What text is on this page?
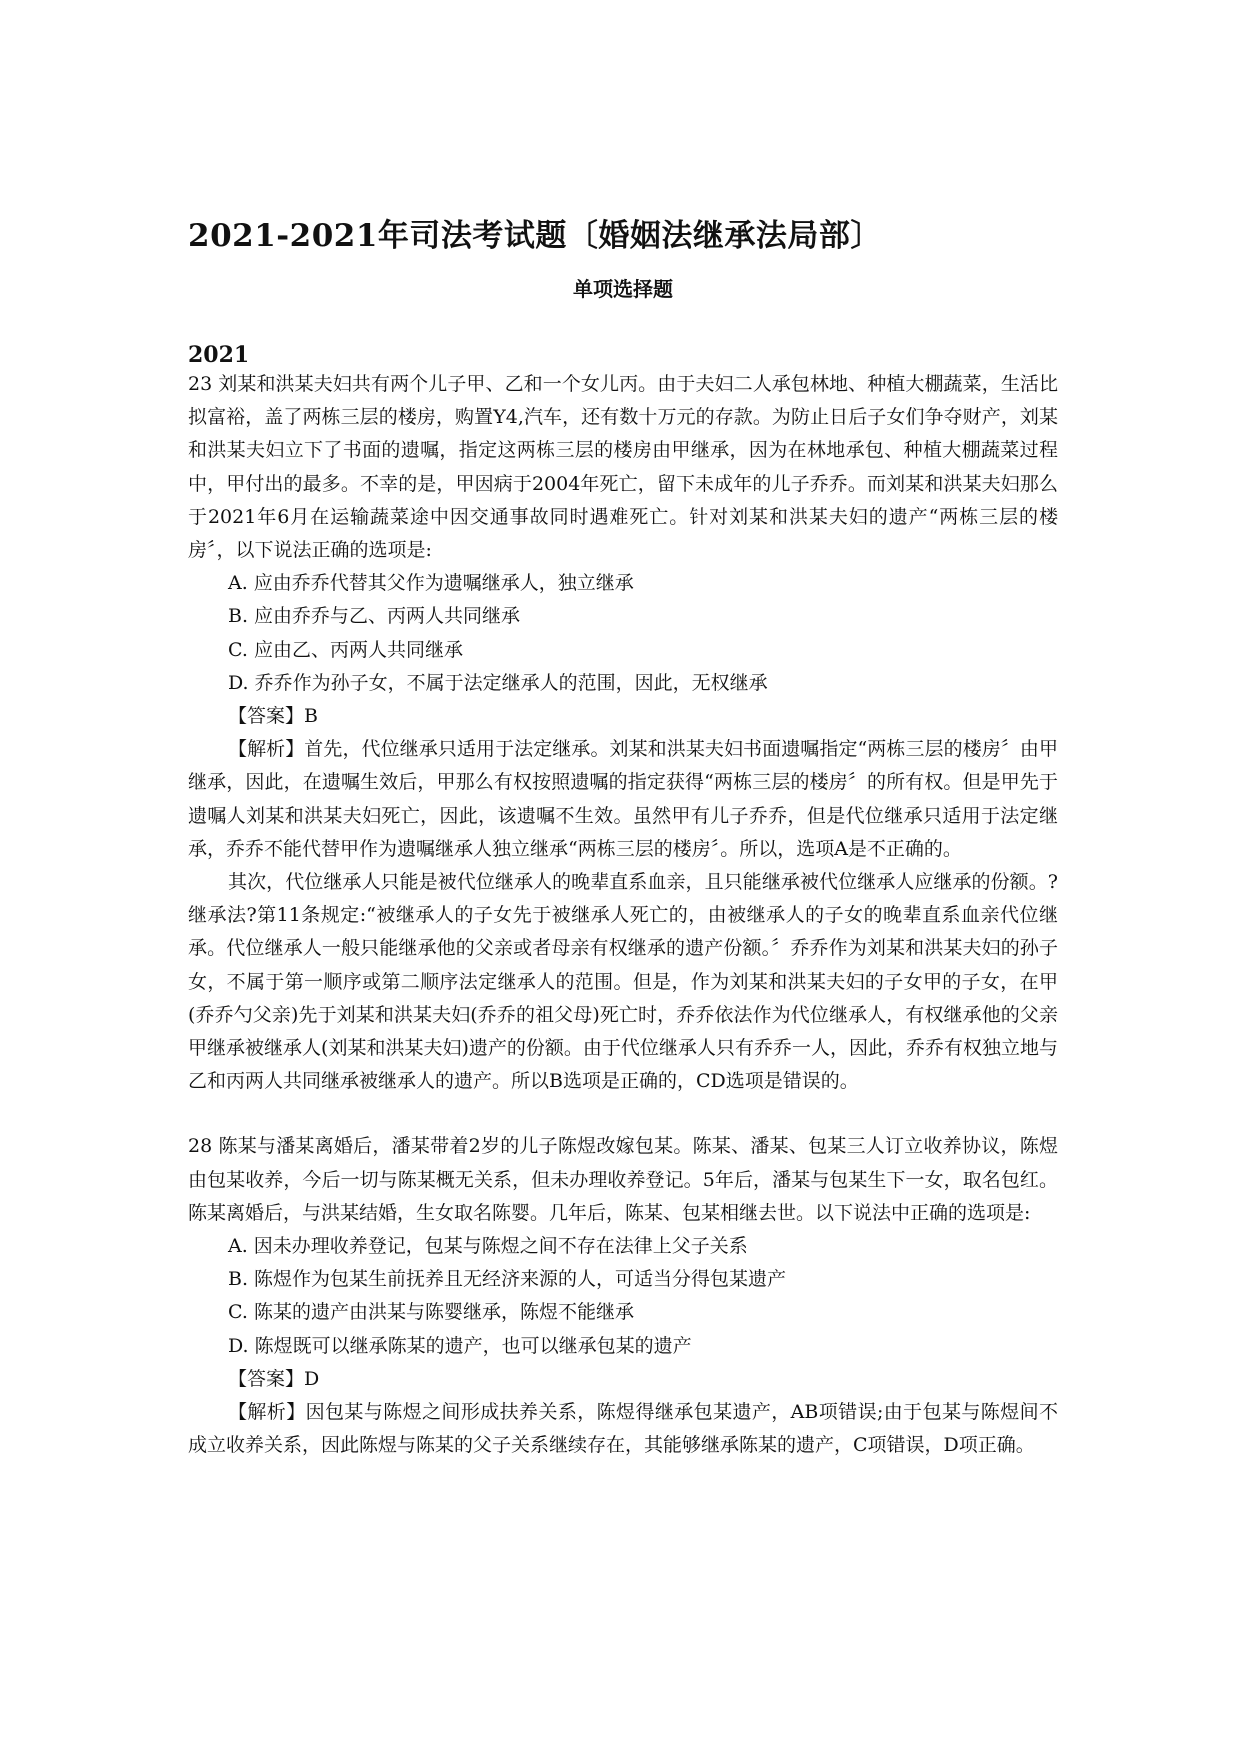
2021-2021年司法考试题〔婚姻法继承法局部〕
单项选择题
2021

23 刘某和洪某夫妇共有两个儿子甲、乙和一个女儿丙。由于夫妇二人承包林地、种植大棚蔬菜，生活比拟富裕，盖了两栋三层的楼房，购置Y4,汽车，还有数十万元的存款。为防止日后子女们争夺财产，刘某和洪某夫妇立下了书面的遗嘱，指定这两栋三层的楼房由甲继承，因为在林地承包、种植大棚蔬菜过程中，甲付出的最多。不幸的是，甲因病于2004年死亡，留下未成年的儿子乔乔。而刘某和洪某夫妇那么于2021年6月在运输蔬菜途中因交通事故同时遇难死亡。针对刘某和洪某夫妇的遗产“两栋三层的楼房〞，以下说法正确的选项是:

A. 应由乔乔代替其父作为遗嘱继承人，独立继承

B. 应由乔乔与乙、丙两人共同继承

C. 应由乙、丙两人共同继承

D. 乔乔作为孙子女，不属于法定继承人的范围，因此，无权继承

【答案】B

【解析】首先，代位继承只适用于法定继承。刘某和洪某夫妇书面遗嘱指定“两栋三层的楼房〞由甲继承，因此，在遗嘱生效后，甲那么有权按照遗嘱的指定获得“两栋三层的楼房〞的所有权。但是甲先于遗嘱人刘某和洪某夫妇死亡，因此，该遗嘱不生效。虽然甲有儿子乔乔，但是代位继承只适用于法定继承，乔乔不能代替甲作为遗嘱继承人独立继承“两栋三层的楼房〞。所以，选项A是不正确的。

其次，代位继承人只能是被代位继承人的晚辈直系血亲，且只能继承被代位继承人应继承的份额。?继承法?第11条规定:“被继承人的子女先于被继承人死亡的，由被继承人的子女的晚辈直系血亲代位继承。代位继承人一般只能继承他的父亲或者母亲有权继承的遗产份额。〞乔乔作为刘某和洪某夫妇的孙子女，不属于第一顺序或第二顺序法定继承人的范围。但是，作为刘某和洪某夫妇的子女甲的子女，在甲(乔乔勺父亲)先于刘某和洪某夫妇(乔乔的祖父母)死亡时，乔乔依法作为代位继承人，有权继承他的父亲甲继承被继承人(刘某和洪某夫妇)遗产的份额。由于代位继承人只有乔乔一人，因此，乔乔有权独立地与乙和丙两人共同继承被继承人的遗产。所以B选项是正确的，CD选项是错误的。

28 陈某与潘某离婚后，潘某带着2岁的儿子陈煜改嫁包某。陈某、潘某、包某三人订立收养协议，陈煜由包某收养，今后一切与陈某概无关系，但未办理收养登记。5年后，潘某与包某生下一女，取名包红。陈某离婚后，与洪某结婚，生女取名陈婴。几年后，陈某、包某相继去世。以下说法中正确的选项是:

A. 因未办理收养登记，包某与陈煜之间不存在法律上父子关系

B. 陈煜作为包某生前抚养且无经济来源的人，可适当分得包某遗产

C. 陈某的遗产由洪某与陈婴继承，陈煜不能继承

D. 陈煜既可以继承陈某的遗产，也可以继承包某的遗产

【答案】D

【解析】因包某与陈煜之间形成扶养关系，陈煜得继承包某遗产，AB项错误;由于包某与陈煜间不成立收养关系，因此陈煜与陈某的父子关系继续存在，其能够继承陈某的遗产，C项错误，D项正确。
